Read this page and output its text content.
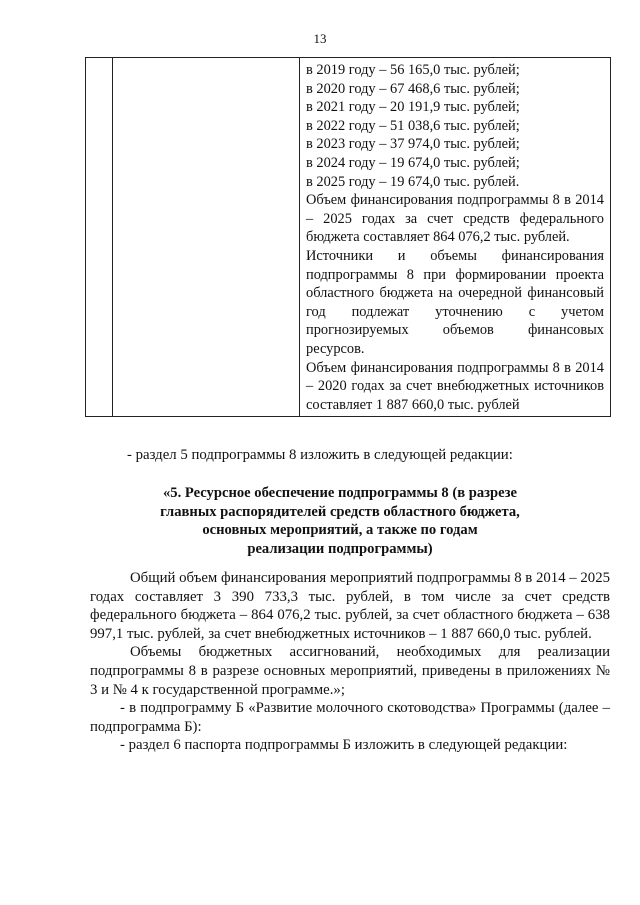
13

в 2019 году – 56 165,0 тыс. рублей;
в 2020 году – 67 468,6 тыс. рублей;
в 2021 году – 20 191,9 тыс. рублей;
в 2022 году – 51 038,6 тыс. рублей;
в 2023 году – 37 974,0 тыс. рублей;
в 2024 году – 19 674,0 тыс. рублей;
в 2025 году – 19 674,0 тыс. рублей.
Объем финансирования подпрограммы 8 в 2014 – 2025 годах за счет средств федерального бюджета составляет 864 076,2 тыс. рублей.
Источники и объемы финансирования подпрограммы 8 при формировании проекта областного бюджета на очередной финансовый год подлежат уточнению с учетом прогнозируемых объемов финансовых ресурсов.
Объем финансирования подпрограммы 8 в 2014 – 2020 годах за счет внебюджетных источников составляет 1 887 660,0 тыс. рублей
- раздел 5 подпрограммы 8 изложить в следующей редакции:
«5. Ресурсное обеспечение подпрограммы 8 (в разрезе
главных распорядителей средств областного бюджета,
основных мероприятий, а также по годам
реализации подпрограммы)

Общий объем финансирования мероприятий подпрограммы 8 в 2014 – 2025 годах составляет 3 390 733,3 тыс. рублей, в том числе за счет средств федерального бюджета – 864 076,2 тыс. рублей, за счет областного бюджета – 638 997,1 тыс. рублей, за счет внебюджетных источников – 1 887 660,0 тыс. рублей.

Объемы бюджетных ассигнований, необходимых для реализации подпрограммы 8 в разрезе основных мероприятий, приведены в приложениях № 3 и № 4 к государственной программе.»;

- в подпрограмму Б «Развитие молочного скотоводства» Программы (далее – подпрограмма Б):

- раздел 6 паспорта подпрограммы Б изложить в следующей редакции:
